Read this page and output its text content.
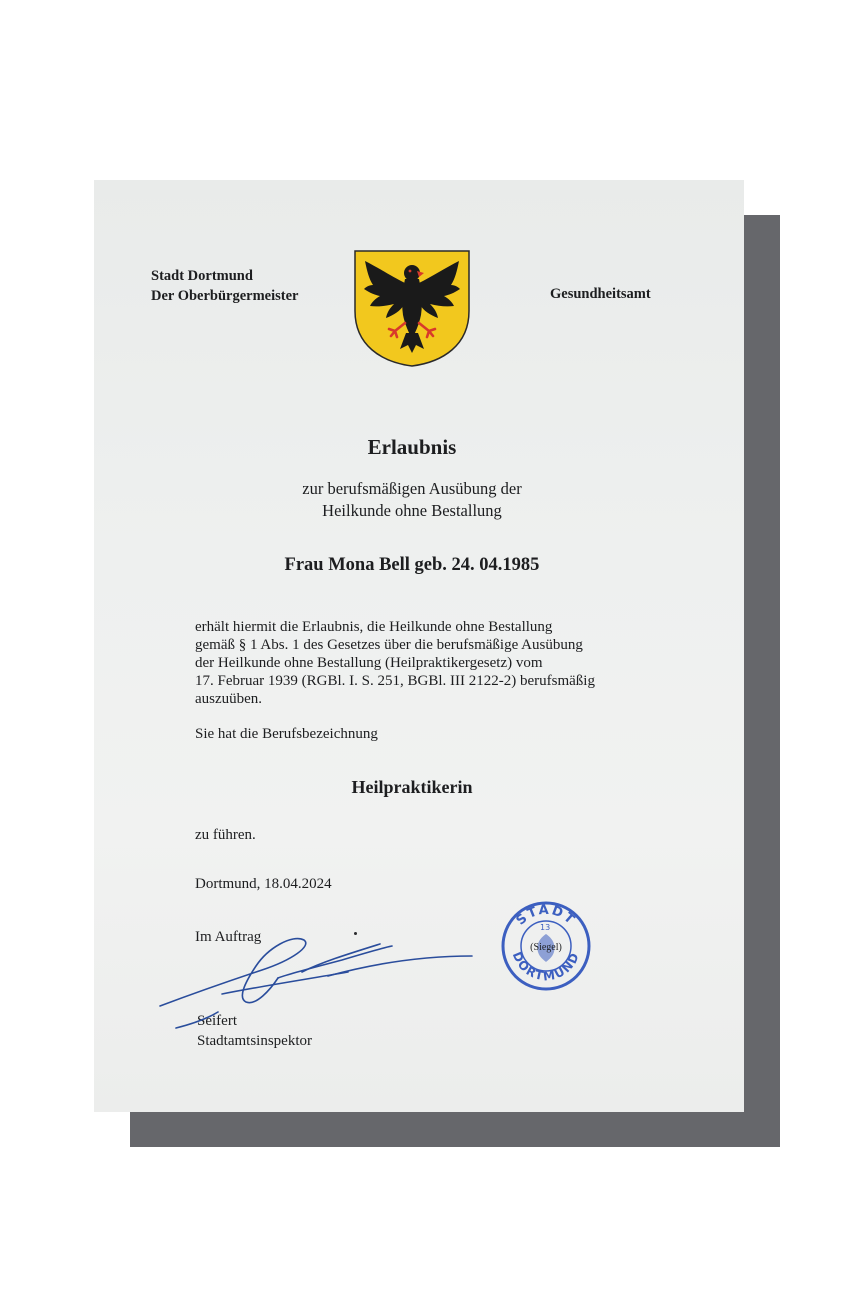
Stadt Dortmund
Der Oberbürgermeister	Gesundheitsamt
Erlaubnis
zur berufsmäßigen Ausübung der
Heilkunde ohne Bestallung
Frau Mona Bell geb. 24. 04.1985
erhält hiermit die Erlaubnis, die Heilkunde ohne Bestallung
gemäß § 1 Abs. 1 des Gesetzes über die berufsmäßige Ausübung
der Heilkunde ohne Bestallung (Heilpraktikergesetz) vom
17. Februar 1939 (RGBl. I. S. 251, BGBl. III 2122-2) berufsmäßig
auszuüben.
Sie hat die Berufsbezeichnung
Heilpraktikerin
zu führen.
Dortmund, 18.04.2024
Im Auftrag
Seifert
Stadtamtsinspektor
STADT
DORTMUND
13
(Siegel)
